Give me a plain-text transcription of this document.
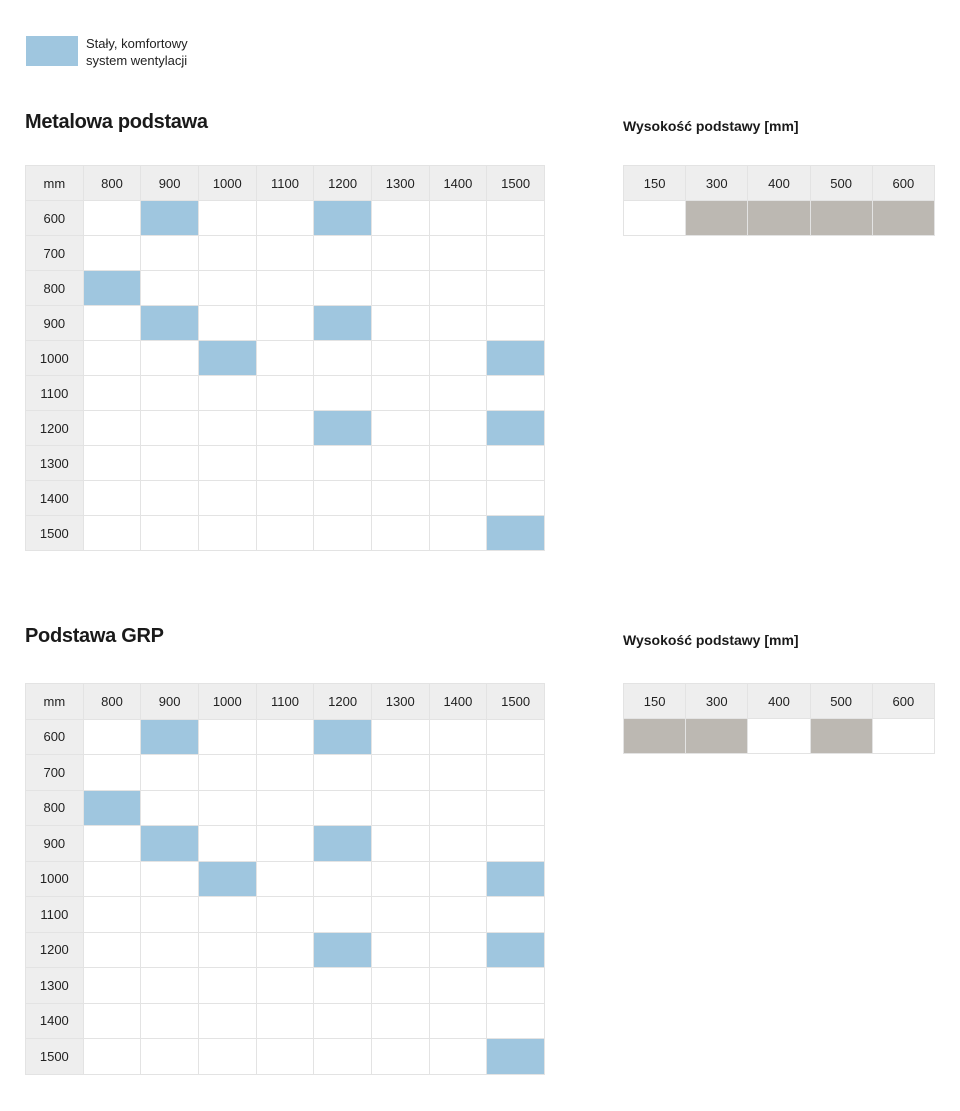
Stały, komfortowy system wentylacji
Metalowa podstawa	Wysokość podstawy [mm]
mm	800	900	1000	1100	1200	1300	1400	1500
600								
700								
800								
900								
1000								
1100								
1200								
1300								
1400								
1500								
150	300	400	500	600

Podstawa GRP	Wysokość podstawy [mm]
mm	800	900	1000	1100	1200	1300	1400	1500
600								
700								
800								
900								
1000								
1100								
1200								
1300								
1400								
1500								
150	300	400	500	600
